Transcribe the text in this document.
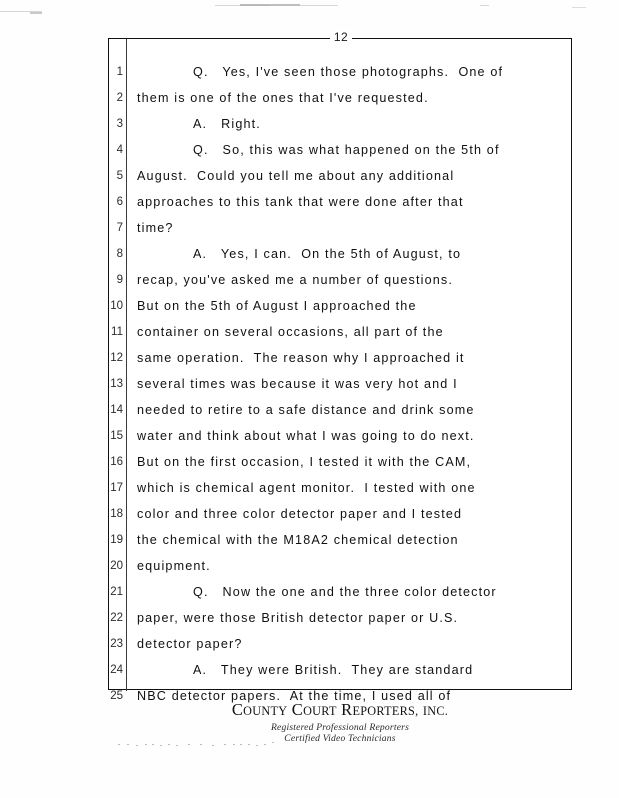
12
1	Q.   Yes, I've seen those photographs.  One of
2 them is one of the ones that I've requested.
3	A.   Right.
4	Q.   So, this was what happened on the 5th of
5 August.  Could you tell me about any additional
6 approaches to this tank that were done after that
7 time?
8	A.   Yes, I can.  On the 5th of August, to
9 recap, you've asked me a number of questions.
10 But on the 5th of August I approached the
11 container on several occasions, all part of the
12 same operation.  The reason why I approached it
13 several times was because it was very hot and I
14 needed to retire to a safe distance and drink some
15 water and think about what I was going to do next.
16 But on the first occasion, I tested it with the CAM,
17 which is chemical agent monitor.  I tested with one
18 color and three color detector paper and I tested
19 the chemical with the M18A2 chemical detection
20 equipment.
21	Q.   Now the one and the three color detector
22 paper, were those British detector paper or U.S.
23 detector paper?
24	A.   They were British.  They are standard
25 NBC detector papers.  At the time, I used all of
COUNTY COURT REPORTERS, INC.
Registered Professional Reporters
Certified Video Technicians
